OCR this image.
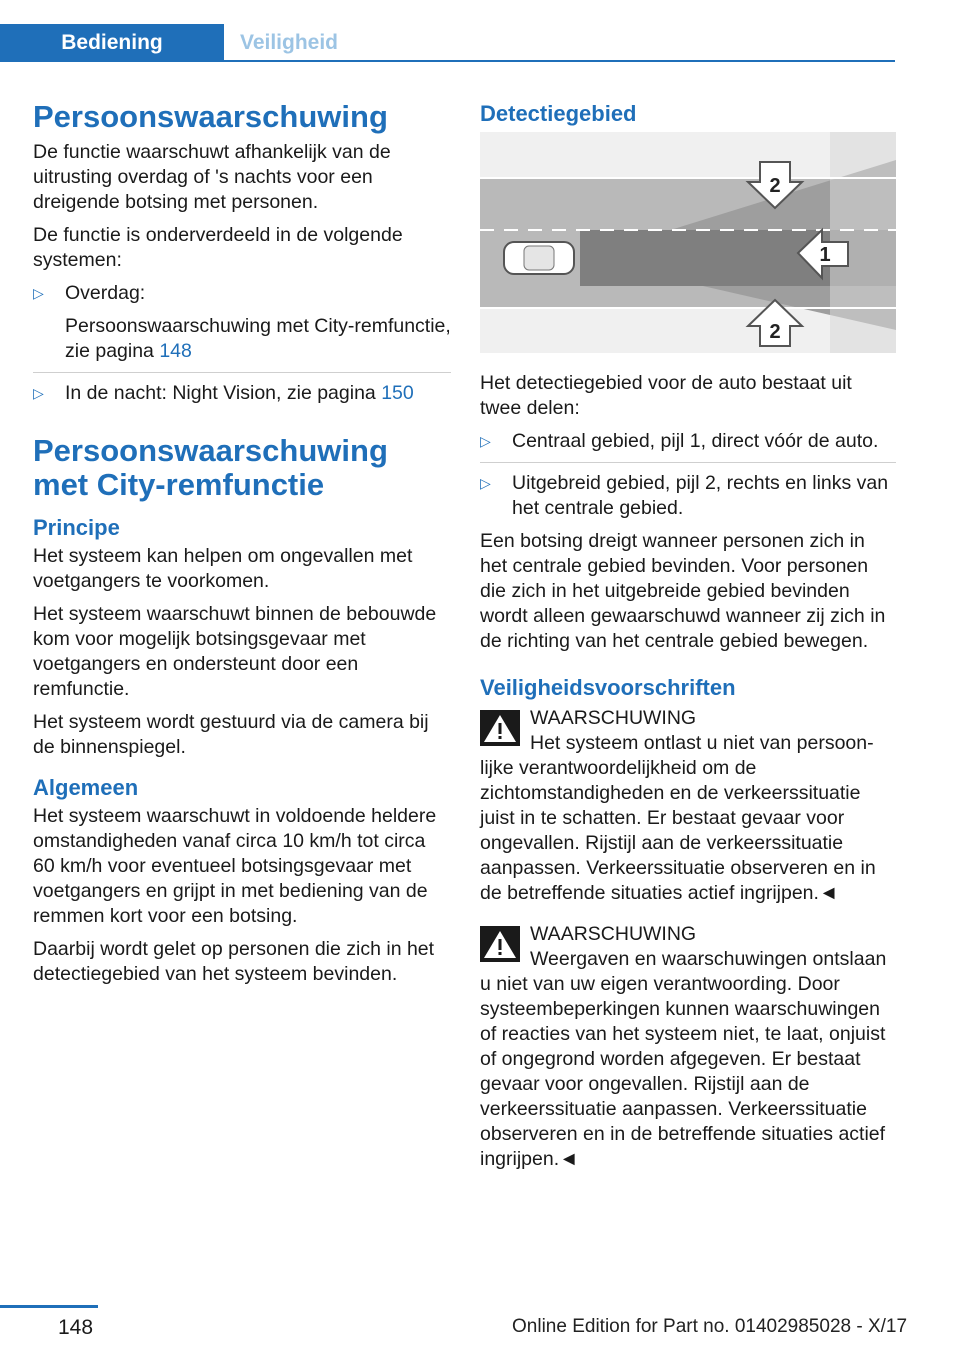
Bediening	Veiligheid
Persoonswaarschuwing

De functie waarschuwt afhankelijk van de uitrusting overdag of 's nachts voor een dreigende botsing met personen.

De functie is onderverdeeld in de volgende systemen:

▷ Overdag:
Persoonswaarschuwing met City-remfunctie, zie pagina 148
▷ In de nacht: Night Vision, zie pagina 150
Persoonswaarschuwing met City-remfunctie
Principe

Het systeem kan helpen om ongevallen met voetgangers te voorkomen.

Het systeem waarschuwt binnen de bebouwde kom voor mogelijk botsingsgevaar met voetgangers en ondersteunt door een remfunctie.

Het systeem wordt gestuurd via de camera bij de binnenspiegel.

Algemeen

Het systeem waarschuwt in voldoende heldere omstandigheden vanaf circa 10 km/h tot circa 60 km/h voor eventueel botsingsgevaar met voetgangers en grijpt in met bediening van de remmen kort voor een botsing.

Daarbij wordt gelet op personen die zich in het detectiegebied van het systeem bevinden.

Detectiegebied
2
1
2

Het detectiegebied voor de auto bestaat uit twee delen:

▷ Centraal gebied, pijl 1, direct vóór de auto.
▷ Uitgebreid gebied, pijl 2, rechts en links van het centrale gebied.

Een botsing dreigt wanneer personen zich in het centrale gebied bevinden. Voor personen die zich in het uitgebreide gebied bevinden wordt alleen gewaarschuwd wanneer zij zich in de richting van het centrale gebied bewegen.

Veiligheidsvoorschriften
WAARSCHUWING
Het systeem ontlast u niet van persoon-

lijke verantwoordelijkheid om de zichtomstandigheden en de verkeerssituatie juist in te schatten. Er bestaat gevaar voor ongevallen. Rijstijl aan de verkeerssituatie aanpassen. Verkeerssituatie observeren en in de betreffende situaties actief ingrijpen.◄

WAARSCHUWING
Weergaven en waarschuwingen ontslaan

u niet van uw eigen verantwoording. Door systeembeperkingen kunnen waarschuwingen of reacties van het systeem niet, te laat, onjuist of ongegrond worden afgegeven. Er bestaat gevaar voor ongevallen. Rijstijl aan de verkeerssituatie aanpassen. Verkeerssituatie observeren en in de betreffende situaties actief ingrijpen.◄

148	Online Edition for Part no. 01402985028 - X/17
